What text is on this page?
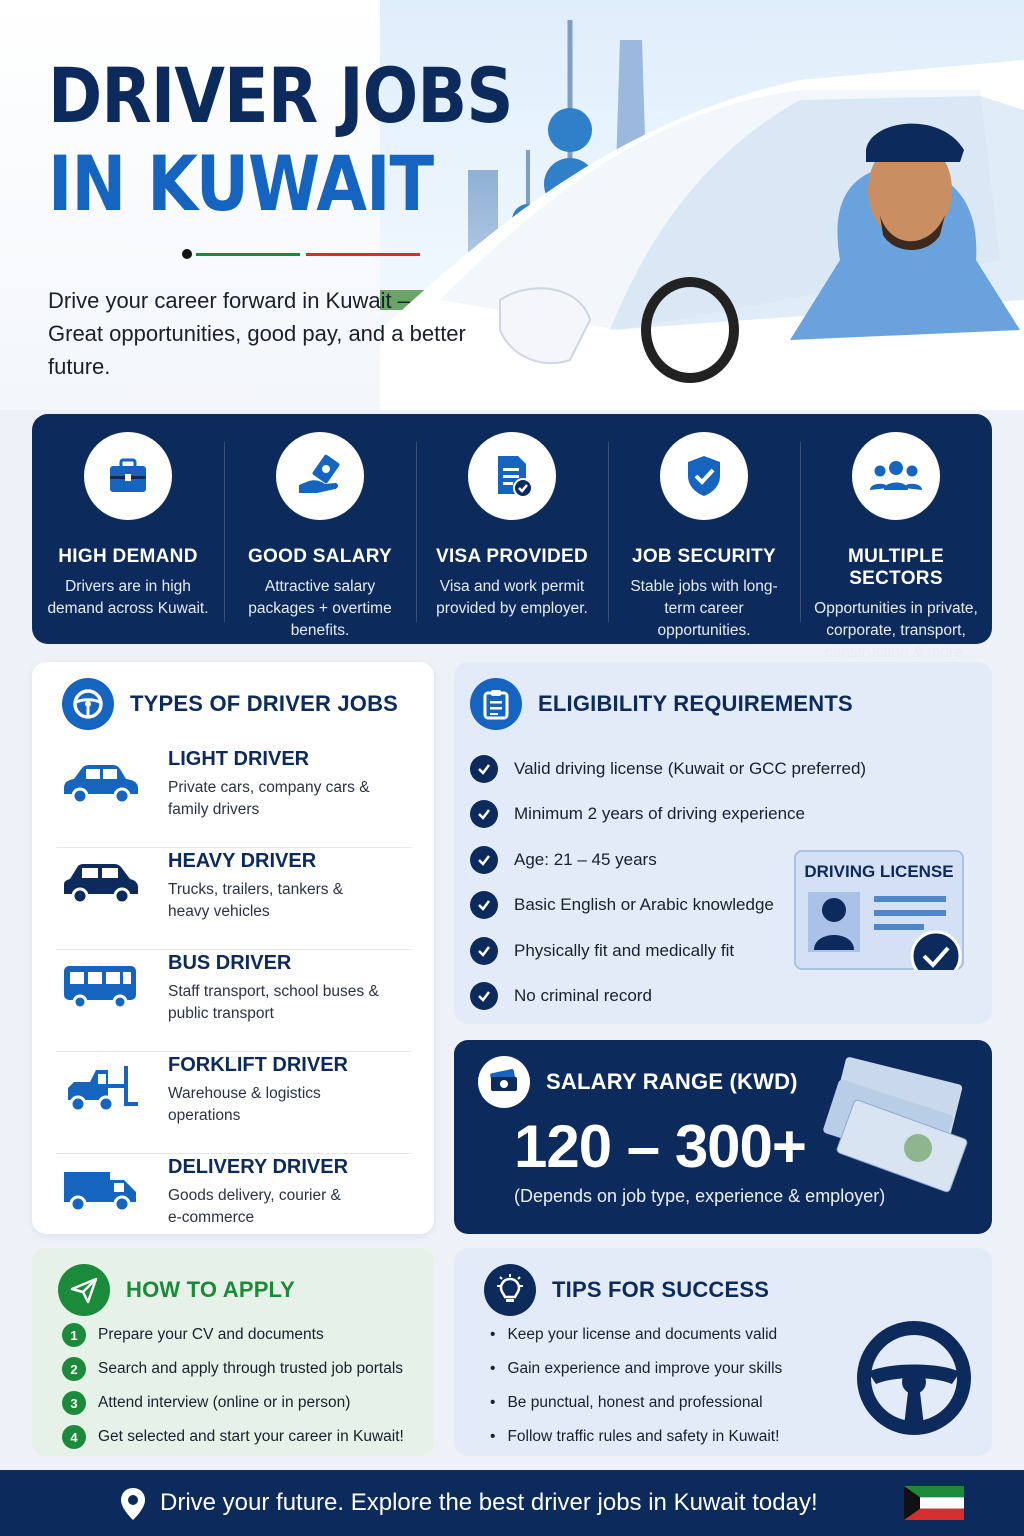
DRIVER JOBS
IN KUWAIT

Drive your career forward in Kuwait – Great opportunities, good pay, and a better future.

HIGH DEMAND
Drivers are in high demand across Kuwait.
GOOD SALARY
Attractive salary packages + overtime benefits.
VISA PROVIDED
Visa and work permit provided by employer.
JOB SECURITY
Stable jobs with long-term career opportunities.
MULTIPLE SECTORS
Opportunities in private, corporate, transport, construction & more.
TYPES OF DRIVER JOBS
LIGHT DRIVER
Private cars, company cars & family drivers
HEAVY DRIVER
Trucks, trailers, tankers & heavy vehicles
BUS DRIVER
Staff transport, school buses & public transport
FORKLIFT DRIVER
Warehouse & logistics operations
DELIVERY DRIVER
Goods delivery, courier & e-commerce
ELIGIBILITY REQUIREMENTS
Valid driving license (Kuwait or GCC preferred)
Minimum 2 years of driving experience
Age: 21 – 45 years
Basic English or Arabic knowledge
Physically fit and medically fit
No criminal record
DRIVING LICENSE
SALARY RANGE (KWD)
120 – 300+
(Depends on job type, experience & employer)
HOW TO APPLY
1	Prepare your CV and documents
2	Search and apply through trusted job portals
3	Attend interview (online or in person)
4	Get selected and start your career in Kuwait!
TIPS FOR SUCCESS
• Keep your license and documents valid
• Gain experience and improve your skills
• Be punctual, honest and professional
• Follow traffic rules and safety in Kuwait!
Drive your future. Explore the best driver jobs in Kuwait today!
